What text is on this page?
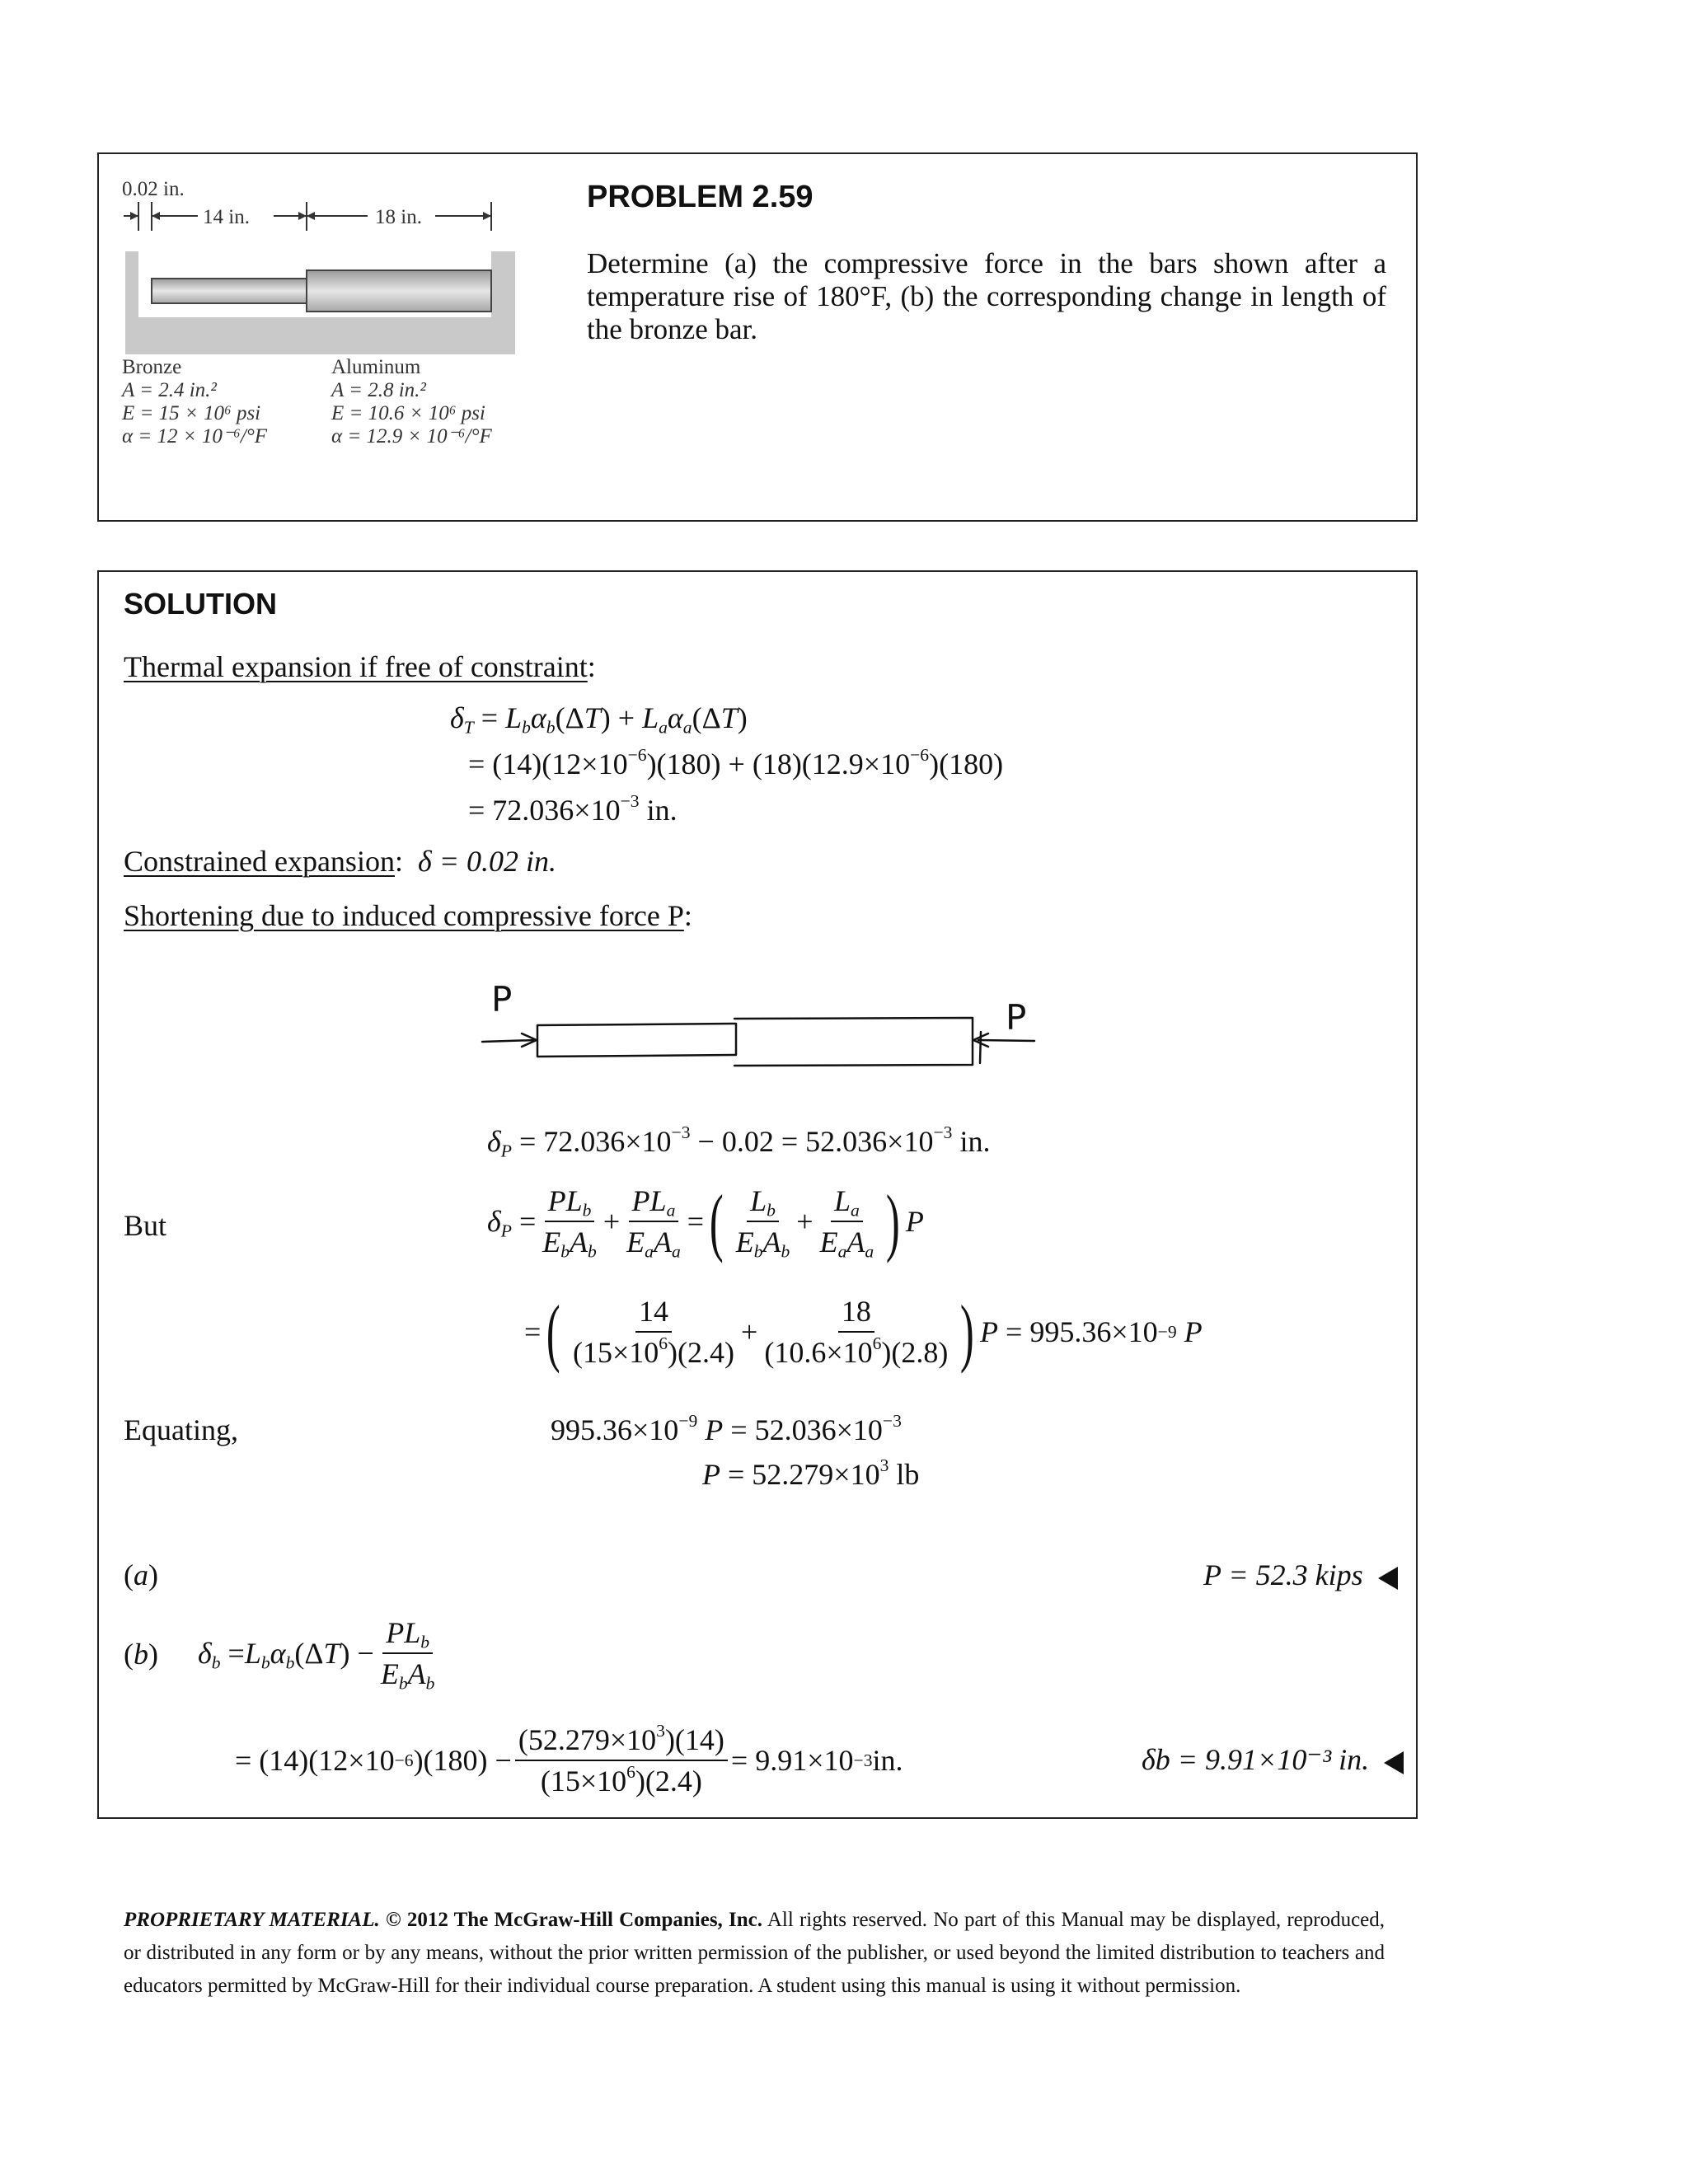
0.02 in.
14 in.	18 in.
Bronze
A = 2.4 in.²
E = 15 × 10⁶ psi
α = 12 × 10⁻⁶/°F
Aluminum
A = 2.8 in.²
E = 10.6 × 10⁶ psi
α = 12.9 × 10⁻⁶/°F
PROBLEM 2.59
Determine (a) the compressive force in the bars shown after a temperature rise of 180°F, (b) the corresponding change in length of the bronze bar.
SOLUTION
Thermal expansion if free of constraint:
$\delta_T = L_b\alpha_b(\Delta T) + L_a\alpha_a(\Delta T)$
= $(14)(12\times 10^{-6})(180) + (18)(12.9\times 10^{-6})(180)$
= $72.036\times 10^{-3}$ in.
Constrained expansion:  δ = 0.02 in.
Shortening due to induced compressive force P:
P	P
$\delta_P = 72.036\times 10^{-3} - 0.02 = 52.036\times 10^{-3}$ in.
But	$\delta_P = \frac{PL_b}{E_bA_b} + \frac{PL_a}{E_aA_a}$ = ( $\frac{L_b}{E_bA_b} + \frac{L_a}{E_aA_a}$ ) P
= ( $\frac{14}{(15\times 10^6)(2.4)} + \frac{18}{(10.6\times 10^6)(2.8)}$ ) P = 995.36×10 −9
P
Equating,	$995.36\times 10^{-9}$ $P = 52.036\times 10^{-3}$
$P = 52.279\times 10^3$ lb
(a)	P = 52.3 kips
(b) $\delta_b = L_b\alpha_b$ (Δ T ) − $\frac{PL_b}{E_bA_b}$
= (14)(12×10 −6 )$(180) - \frac{(52.279\times 10^3)(14)}{(15\times 10^6)(2.4)} = 9.91\times 10 -3$ in.	δb = 9.91×10⁻³ in.
PROPRIETARY MATERIAL. © 2012 The McGraw-Hill Companies, Inc. All rights reserved. No part of this Manual may be displayed, reproduced, or distributed in any form or by any means, without the prior written permission of the publisher, or used beyond the limited distribution to teachers and educators permitted by McGraw-Hill for their individual course preparation. A student using this manual is using it without permission.
